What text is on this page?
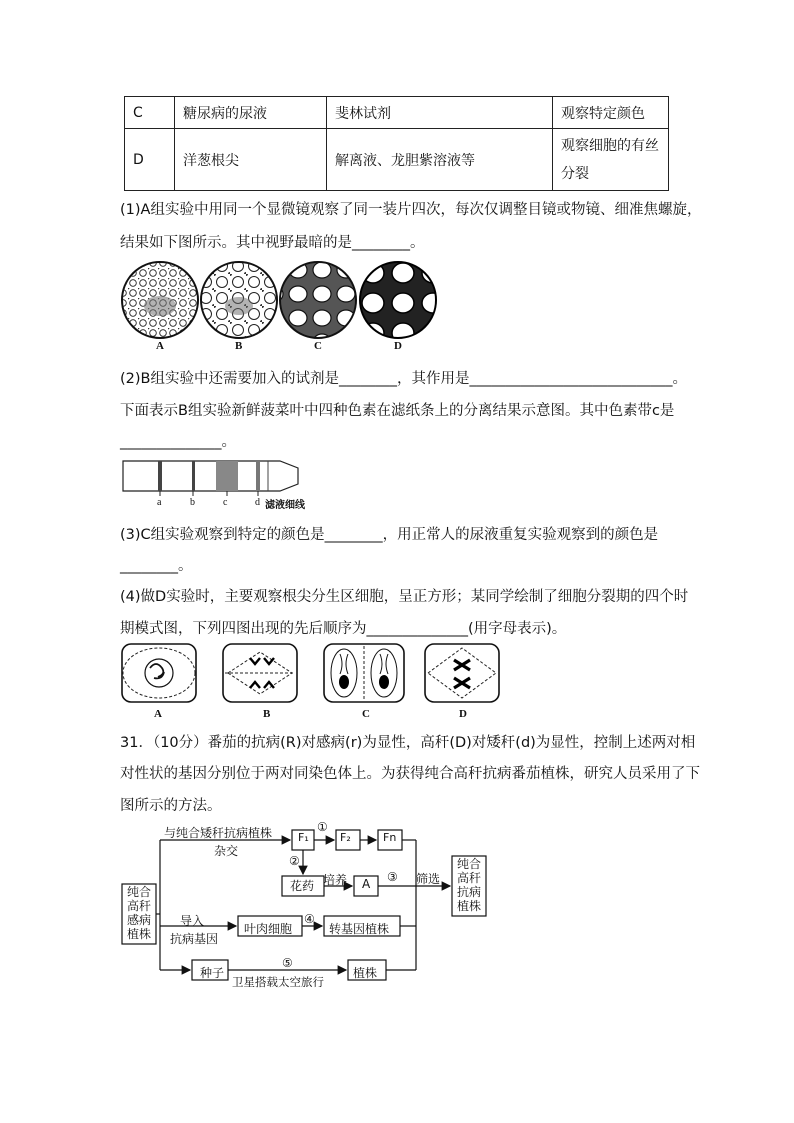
C	糖尿病的尿液	斐林试剂	观察特定颜色
D	洋葱根尖	解离液、龙胆紫溶液等	观察细胞的有丝
分裂
(1)A组实验中用同一个显微镜观察了同一装片四次，每次仅调整目镜或物镜、细准焦螺旋，
结果如下图所示。其中视野最暗的是________。
A	B	C	D
(2)B组实验中还需要加入的试剂是________，其作用是____________________________。
下面表示B组实验新鲜菠菜叶中四种色素在滤纸条上的分离结果示意图。其中色素带c是
______________。
a	b	c	d 滤液细线
(3)C组实验观察到特定的颜色是________，用正常人的尿液重复实验观察到的颜色是
________。
(4)做D实验时，主要观察根尖分生区细胞，呈正方形；某同学绘制了细胞分裂期的四个时
期模式图，下列四图出现的先后顺序为______________(用字母表示)。
A	B	C	D
31．（10分）番茄的抗病(R)对感病(r)为显性，高秆(D)对矮秆(d)为显性，控制上述两对相
对性状的基因分别位于两对同染色体上。为获得纯合高秆抗病番茄植株，研究人员采用了下
图所示的方法。
纯合
高秆
感病
植株
与纯合矮秆抗病植株
杂交
F₁
①
F₂	Fn
②
花药 培养 A ③ 筛选
纯合
高秆
抗病
植株
导入
抗病基因
叶肉细胞
④
转基因植株
种子
⑤
卫星搭载太空旅行
植株
